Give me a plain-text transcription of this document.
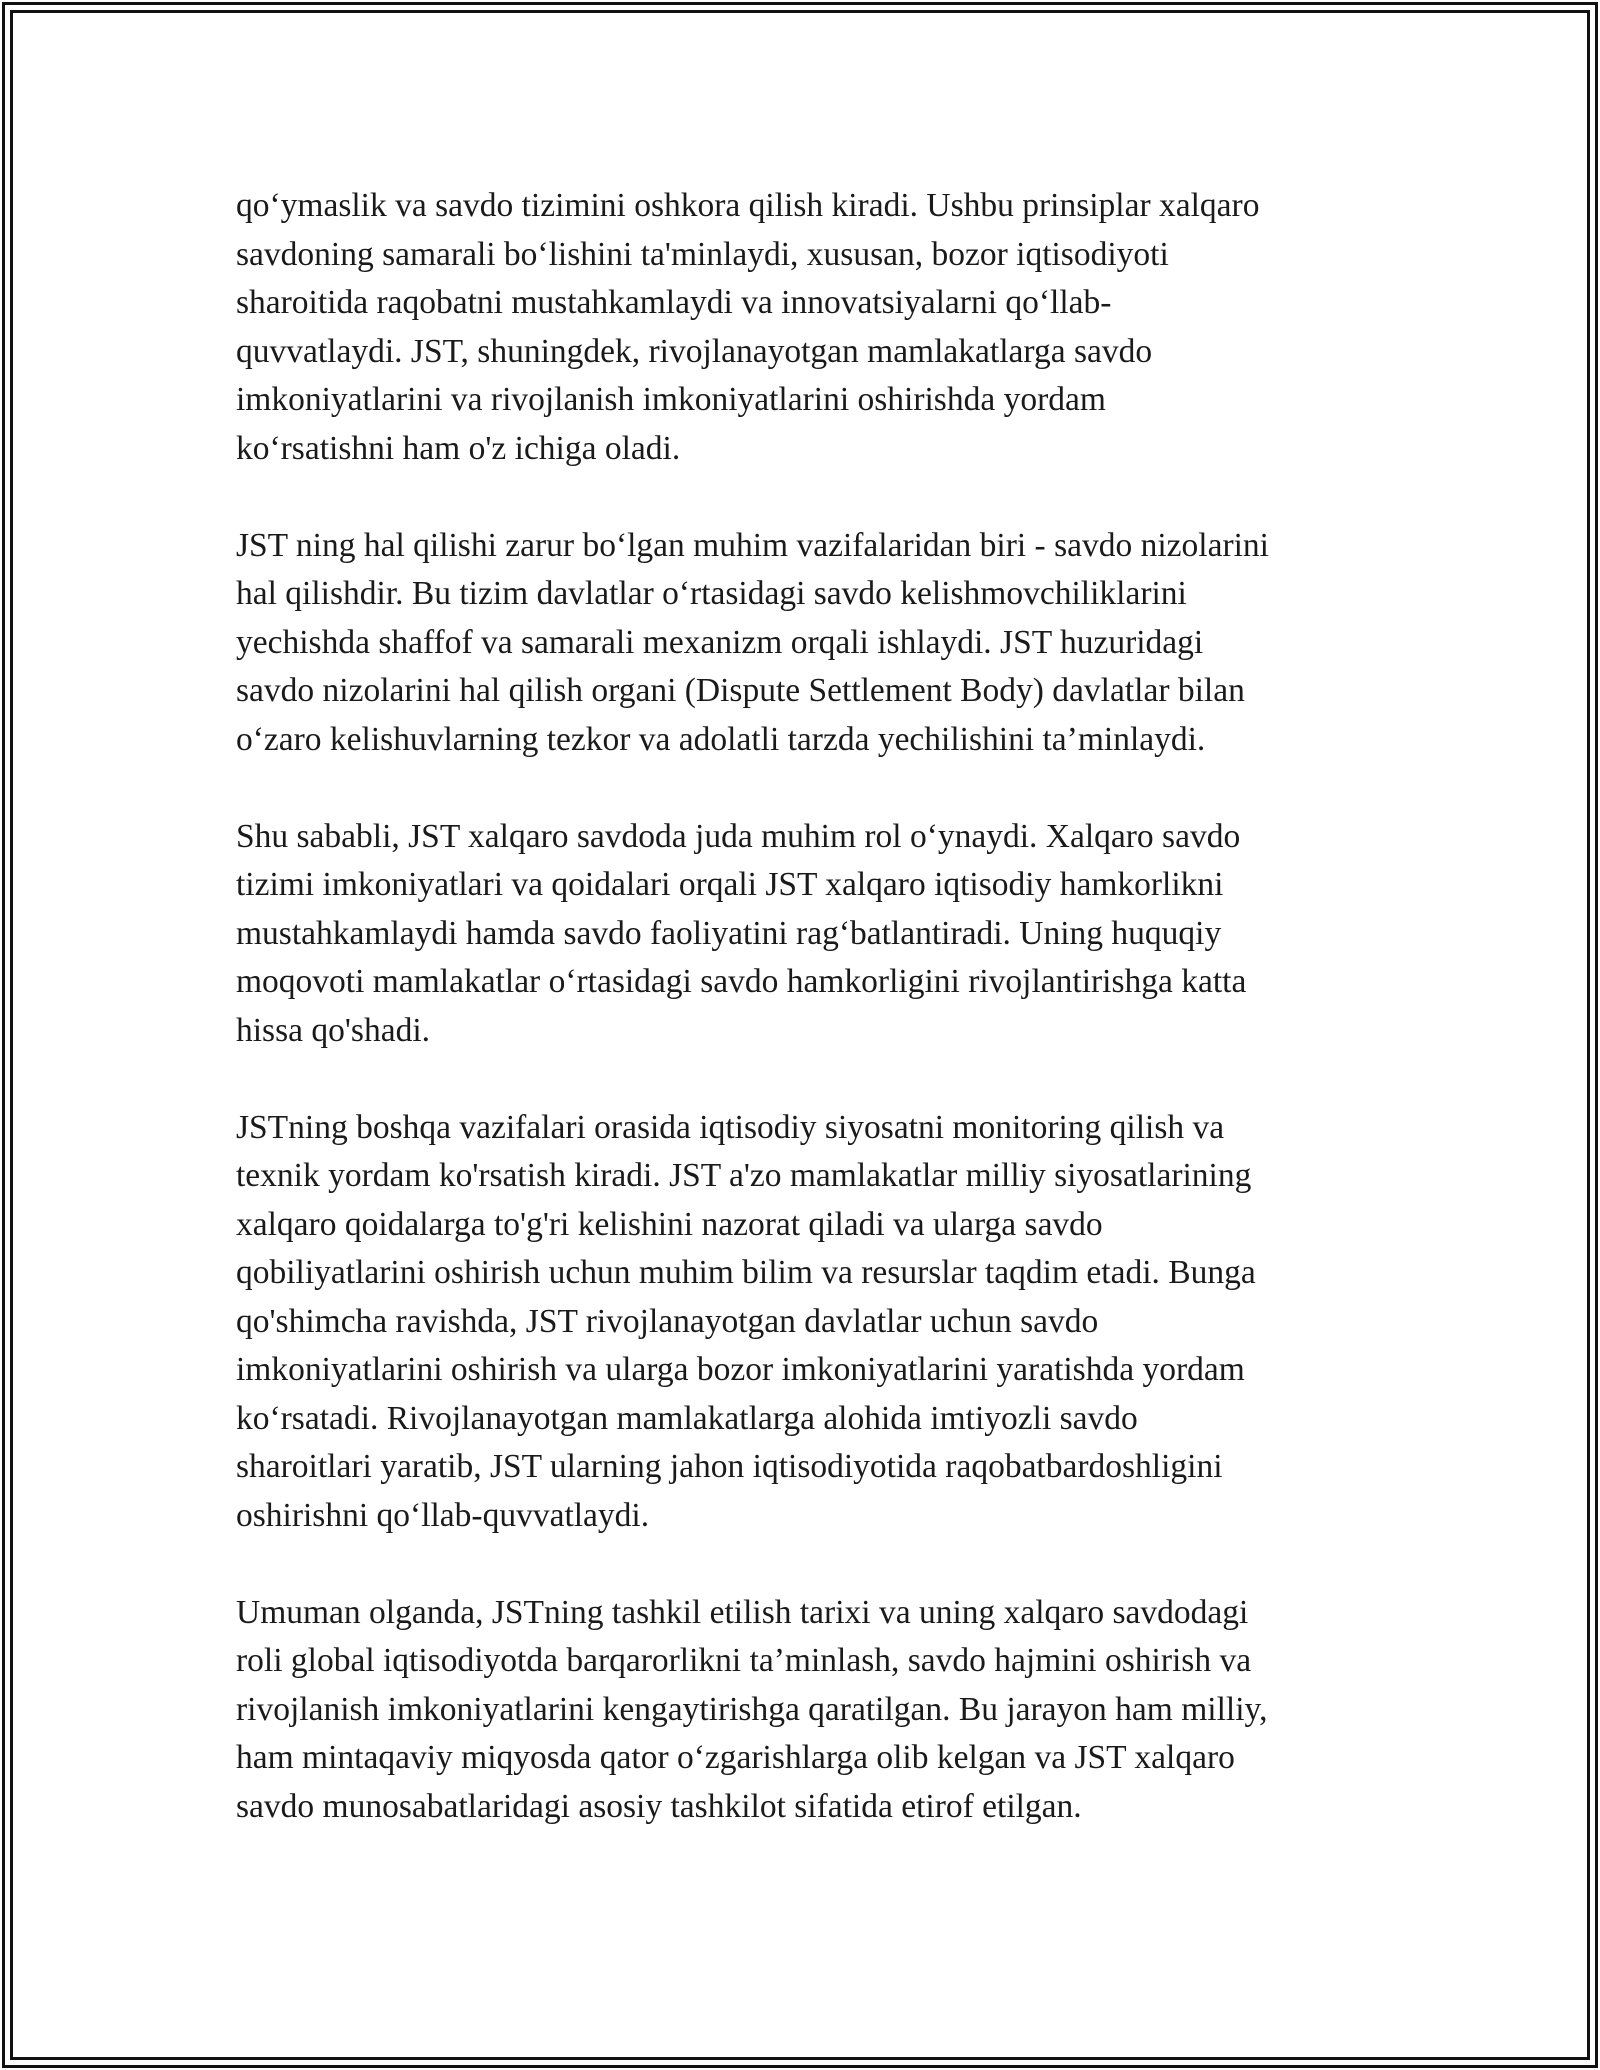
qo‘ymaslik va savdo tizimini oshkora qilish kiradi. Ushbu prinsiplar xalqaro
savdoning samarali bo‘lishini ta'minlaydi, xususan, bozor iqtisodiyoti
sharoitida raqobatni mustahkamlaydi va innovatsiyalarni qo‘llab-
quvvatlaydi. JST, shuningdek, rivojlanayotgan mamlakatlarga savdo
imkoniyatlarini va rivojlanish imkoniyatlarini oshirishda yordam
ko‘rsatishni ham o'z ichiga oladi.

JST ning hal qilishi zarur bo‘lgan muhim vazifalaridan biri - savdo nizolarini
hal qilishdir. Bu tizim davlatlar o‘rtasidagi savdo kelishmovchiliklarini
yechishda shaffof va samarali mexanizm orqali ishlaydi. JST huzuridagi
savdo nizolarini hal qilish organi (Dispute Settlement Body) davlatlar bilan
o‘zaro kelishuvlarning tezkor va adolatli tarzda yechilishini ta’minlaydi.

Shu sababli, JST xalqaro savdoda juda muhim rol o‘ynaydi. Xalqaro savdo
tizimi imkoniyatlari va qoidalari orqali JST xalqaro iqtisodiy hamkorlikni
mustahkamlaydi hamda savdo faoliyatini rag‘batlantiradi. Uning huquqiy
moqovoti mamlakatlar o‘rtasidagi savdo hamkorligini rivojlantirishga katta
hissa qo'shadi.

JSTning boshqa vazifalari orasida iqtisodiy siyosatni monitoring qilish va
texnik yordam ko'rsatish kiradi. JST a'zo mamlakatlar milliy siyosatlarining
xalqaro qoidalarga to'g'ri kelishini nazorat qiladi va ularga savdo
qobiliyatlarini oshirish uchun muhim bilim va resurslar taqdim etadi. Bunga
qo'shimcha ravishda, JST rivojlanayotgan davlatlar uchun savdo
imkoniyatlarini oshirish va ularga bozor imkoniyatlarini yaratishda yordam
ko‘rsatadi. Rivojlanayotgan mamlakatlarga alohida imtiyozli savdo
sharoitlari yaratib, JST ularning jahon iqtisodiyotida raqobatbardoshligini
oshirishni qo‘llab-quvvatlaydi.

Umuman olganda, JSTning tashkil etilish tarixi va uning xalqaro savdodagi
roli global iqtisodiyotda barqarorlikni ta’minlash, savdo hajmini oshirish va
rivojlanish imkoniyatlarini kengaytirishga qaratilgan. Bu jarayon ham milliy,
ham mintaqaviy miqyosda qator o‘zgarishlarga olib kelgan va JST xalqaro
savdo munosabatlaridagi asosiy tashkilot sifatida etirof etilgan.
